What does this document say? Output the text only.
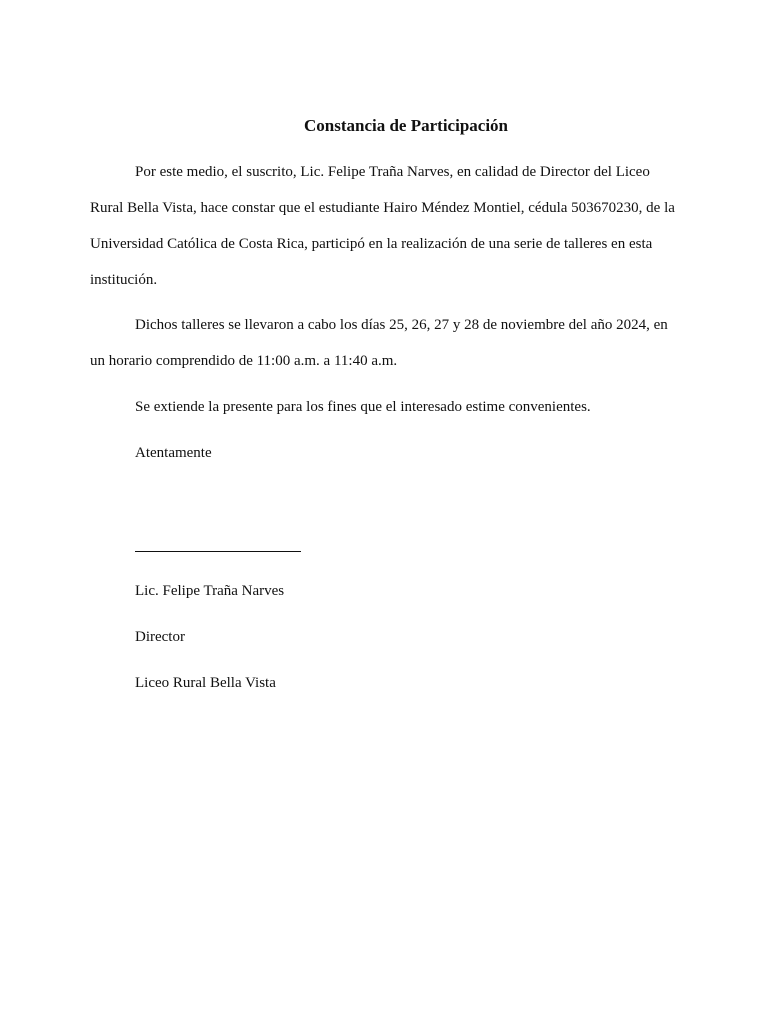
Constancia de Participación

Por este medio, el suscrito, Lic. Felipe Traña Narves, en calidad de Director del Liceo Rural Bella Vista, hace constar que el estudiante Hairo Méndez Montiel, cédula 503670230, de la Universidad Católica de Costa Rica, participó en la realización de una serie de talleres en esta institución.

Dichos talleres se llevaron a cabo los días 25, 26, 27 y 28 de noviembre del año 2024, en un horario comprendido de 11:00 a.m. a 11:40 a.m.

Se extiende la presente para los fines que el interesado estime convenientes.

Atentamente

Lic. Felipe Traña Narves

Director

Liceo Rural Bella Vista
